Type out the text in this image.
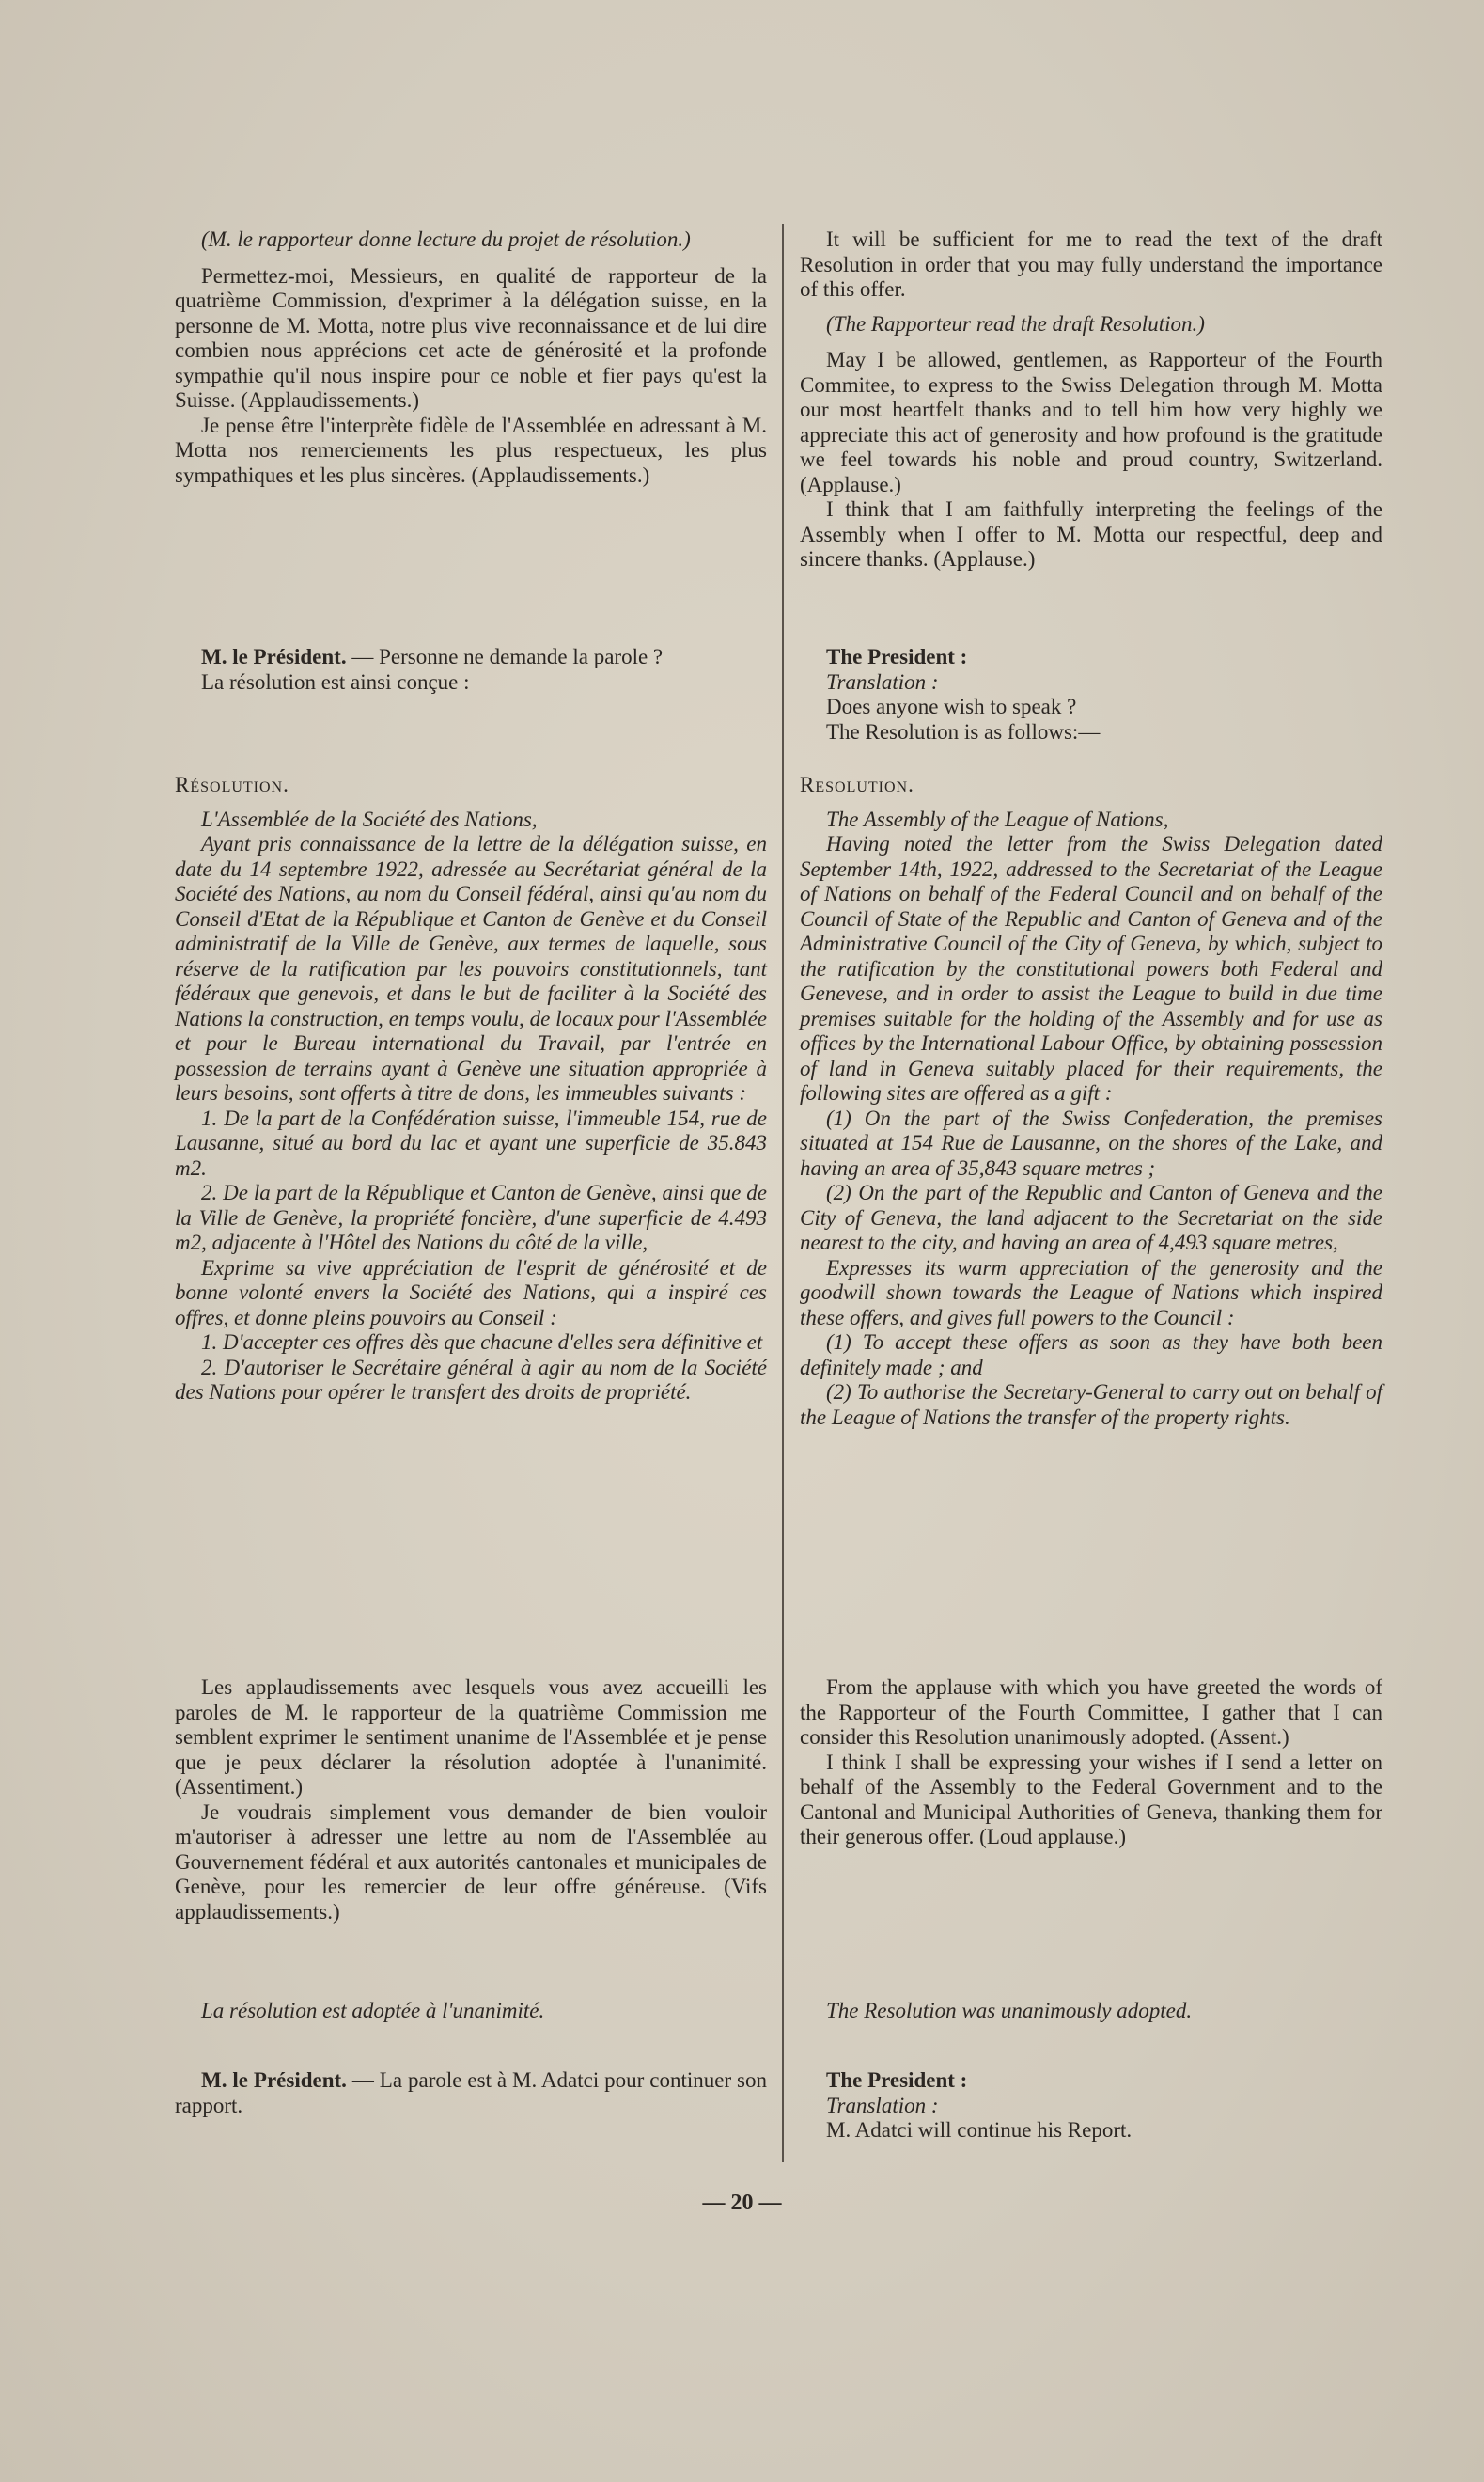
(M. le rapporteur donne lecture du projet de résolution.)

Permettez-moi, Messieurs, en qualité de rapporteur de la quatrième Commission, d'exprimer à la délégation suisse, en la personne de M. Motta, notre plus vive reconnaissance et de lui dire combien nous apprécions cet acte de générosité et la profonde sympathie qu'il nous inspire pour ce noble et fier pays qu'est la Suisse. (Applaudissements.)

Je pense être l'interprète fidèle de l'Assemblée en adressant à M. Motta nos remerciements les plus respectueux, les plus sympathiques et les plus sincères. (Applaudissements.)

M. le Président. — Personne ne demande la parole ?

La résolution est ainsi conçue :

Résolution.

L'Assemblée de la Société des Nations,

Ayant pris connaissance de la lettre de la délégation suisse, en date du 14 septembre 1922, adressée au Secrétariat général de la Société des Nations, au nom du Conseil fédéral, ainsi qu'au nom du Conseil d'Etat de la République et Canton de Genève et du Conseil administratif de la Ville de Genève, aux termes de laquelle, sous réserve de la ratification par les pouvoirs constitutionnels, tant fédéraux que genevois, et dans le but de faciliter à la Société des Nations la construction, en temps voulu, de locaux pour l'Assemblée et pour le Bureau international du Travail, par l'entrée en possession de terrains ayant à Genève une situation appropriée à leurs besoins, sont offerts à titre de dons, les immeubles suivants :

1. De la part de la Confédération suisse, l'immeuble 154, rue de Lausanne, situé au bord du lac et ayant une superficie de 35.843 m2.

2. De la part de la République et Canton de Genève, ainsi que de la Ville de Genève, la propriété foncière, d'une superficie de 4.493 m2, adjacente à l'Hôtel des Nations du côté de la ville,

Exprime sa vive appréciation de l'esprit de générosité et de bonne volonté envers la Société des Nations, qui a inspiré ces offres, et donne pleins pouvoirs au Conseil :

1. D'accepter ces offres dès que chacune d'elles sera définitive et

2. D'autoriser le Secrétaire général à agir au nom de la Société des Nations pour opérer le transfert des droits de propriété.

Les applaudissements avec lesquels vous avez accueilli les paroles de M. le rapporteur de la quatrième Commission me semblent exprimer le sentiment unanime de l'Assemblée et je pense que je peux déclarer la résolution adoptée à l'unanimité. (Assentiment.)

Je voudrais simplement vous demander de bien vouloir m'autoriser à adresser une lettre au nom de l'Assemblée au Gouvernement fédéral et aux autorités cantonales et municipales de Genève, pour les remercier de leur offre généreuse. (Vifs applaudissements.)

La résolution est adoptée à l'unanimité.

M. le Président. — La parole est à M. Adatci pour continuer son rapport.

It will be sufficient for me to read the text of the draft Resolution in order that you may fully understand the importance of this offer.

(The Rapporteur read the draft Resolution.)

May I be allowed, gentlemen, as Rapporteur of the Fourth Commitee, to express to the Swiss Delegation through M. Motta our most heartfelt thanks and to tell him how very highly we appreciate this act of generosity and how profound is the gratitude we feel towards his noble and proud country, Switzerland. (Applause.)

I think that I am faithfully interpreting the feelings of the Assembly when I offer to M. Motta our respectful, deep and sincere thanks. (Applause.)

The President :

Translation :

Does anyone wish to speak ?

The Resolution is as follows:—

Resolution.

The Assembly of the League of Nations,

Having noted the letter from the Swiss Delegation dated September 14th, 1922, addressed to the Secretariat of the League of Nations on behalf of the Federal Council and on behalf of the Council of State of the Republic and Canton of Geneva and of the Administrative Council of the City of Geneva, by which, subject to the ratification by the constitutional powers both Federal and Genevese, and in order to assist the League to build in due time premises suitable for the holding of the Assembly and for use as offices by the International Labour Office, by obtaining possession of land in Geneva suitably placed for their requirements, the following sites are offered as a gift :

(1) On the part of the Swiss Confederation, the premises situated at 154 Rue de Lausanne, on the shores of the Lake, and having an area of 35,843 square metres ;

(2) On the part of the Republic and Canton of Geneva and the City of Geneva, the land adjacent to the Secretariat on the side nearest to the city, and having an area of 4,493 square metres,

Expresses its warm appreciation of the generosity and the goodwill shown towards the League of Nations which inspired these offers, and gives full powers to the Council :

(1) To accept these offers as soon as they have both been definitely made ; and

(2) To authorise the Secretary-General to carry out on behalf of the League of Nations the transfer of the property rights.

From the applause with which you have greeted the words of the Rapporteur of the Fourth Committee, I gather that I can consider this Resolution unanimously adopted. (Assent.)

I think I shall be expressing your wishes if I send a letter on behalf of the Assembly to the Federal Government and to the Cantonal and Municipal Authorities of Geneva, thanking them for their generous offer. (Loud applause.)

The Resolution was unanimously adopted.

The President :

Translation :

M. Adatci will continue his Report.

— 20 —
